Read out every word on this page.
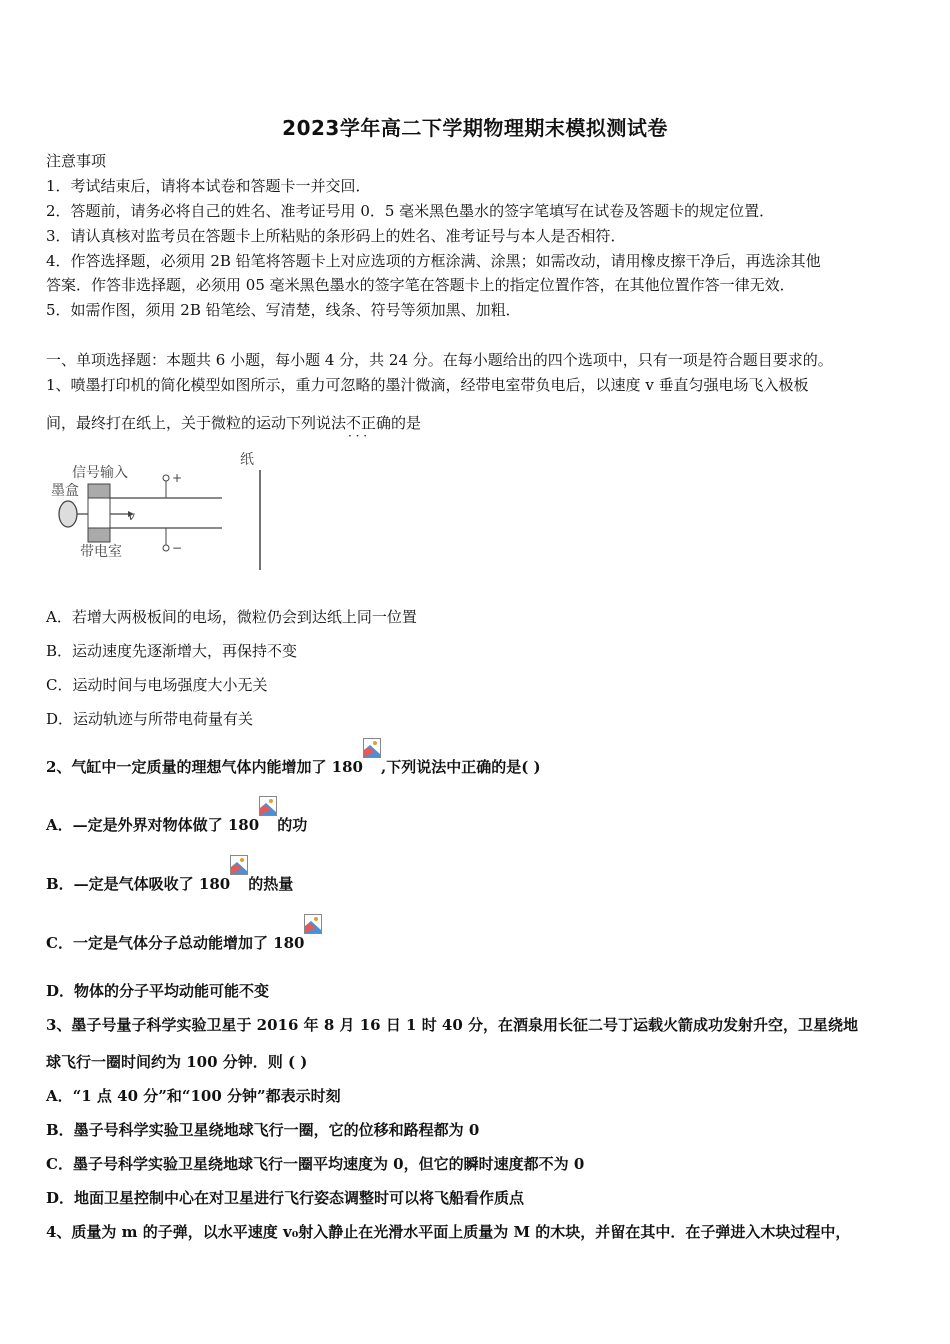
2023学年高二下学期物理期末模拟测试卷
注意事项
1．考试结束后，请将本试卷和答题卡一并交回．
2．答题前，请务必将自己的姓名、准考证号用 0．5 毫米黑色墨水的签字笔填写在试卷及答题卡的规定位置．
3．请认真核对监考员在答题卡上所粘贴的条形码上的姓名、准考证号与本人是否相符．
4．作答选择题，必须用 2B 铅笔将答题卡上对应选项的方框涂满、涂黑；如需改动，请用橡皮擦干净后，再选涂其他
答案．作答非选择题，必须用 05 毫米黑色墨水的签字笔在答题卡上的指定位置作答，在其他位置作答一律无效．
5．如需作图，须用 2B 铅笔绘、写清楚，线条、符号等须加黑、加粗．
一、单项选择题：本题共 6 小题，每小题 4 分，共 24 分。在每小题给出的四个选项中，只有一项是符合题目要求的。
1、喷墨打印机的简化模型如图所示，重力可忽略的墨汁微滴，经带电室带负电后，以速度 v 垂直匀强电场飞入极板
间，最终打在纸上，关于微粒的运动下列说法不正确 · · ·的是
信号输入
墨盒
带电室
纸
v
+
−
A．若增大两极板间的电场，微粒仍会到达纸上同一位置
B．运动速度先逐渐增大，再保持不变
C．运动时间与电场强度大小无关
D．运动轨迹与所带电荷量有关
2、气缸中一定质量的理想气体内能增加了 180 ,下列说法中正确的是( )
A．—定是外界对物体做了 180 的功
B．—定是气体吸收了 180 的热量
C．一定是气体分子总动能增加了 180
D．物体的分子平均动能可能不变
3、墨子号量子科学实验卫星于 2016 年 8 月 16 日 1 时 40 分，在酒泉用长征二号丁运载火箭成功发射升空，卫星绕地
球飞行一圈时间约为 100 分钟．则 ( )
A．“1 点 40 分”和“100 分钟”都表示时刻
B．墨子号科学实验卫星绕地球飞行一圈，它的位移和路程都为 0
C．墨子号科学实验卫星绕地球飞行一圈平均速度为 0，但它的瞬时速度都不为 0
D．地面卫星控制中心在对卫星进行飞行姿态调整时可以将飞船看作质点
4、质量为 m 的子弹，以水平速度 v₀射入静止在光滑水平面上质量为 M 的木块，并留在其中．在子弹进入木块过程中，
